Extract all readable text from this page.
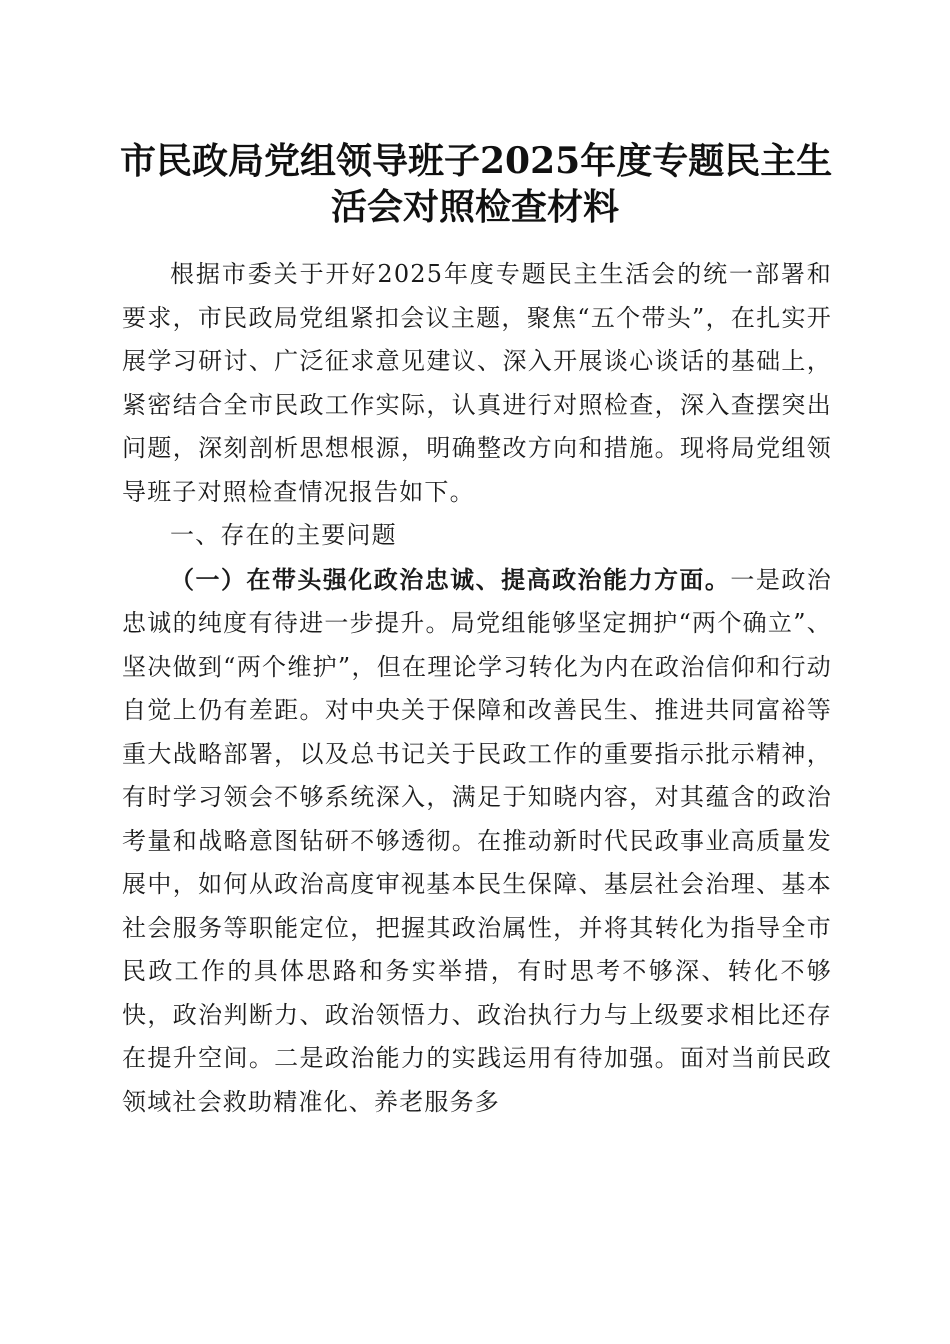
市民政局党组领导班子2025年度专题民主生
活会对照检查材料

根据市委关于开好2025年度专题民主生活会的统一部署和要求，市民政局党组紧扣会议主题，聚焦“五个带头”，在扎实开展学习研讨、广泛征求意见建议、深入开展谈心谈话的基础上，紧密结合全市民政工作实际，认真进行对照检查，深入查摆突出问题，深刻剖析思想根源，明确整改方向和措施。现将局党组领导班子对照检查情况报告如下。

一、存在的主要问题

（一）在带头强化政治忠诚、提高政治能力方面。一是政治忠诚的纯度有待进一步提升。局党组能够坚定拥护“两个确立”、坚决做到“两个维护”，但在理论学习转化为内在政治信仰和行动自觉上仍有差距。对中央关于保障和改善民生、推进共同富裕等重大战略部署，以及总书记关于民政工作的重要指示批示精神，有时学习领会不够系统深入，满足于知晓内容，对其蕴含的政治考量和战略意图钻研不够透彻。在推动新时代民政事业高质量发展中，如何从政治高度审视基本民生保障、基层社会治理、基本社会服务等职能定位，把握其政治属性，并将其转化为指导全市民政工作的具体思路和务实举措，有时思考不够深、转化不够快，政治判断力、政治领悟力、政治执行力与上级要求相比还存在提升空间。二是政治能力的实践运用有待加强。面对当前民政领域社会救助精准化、养老服务多
